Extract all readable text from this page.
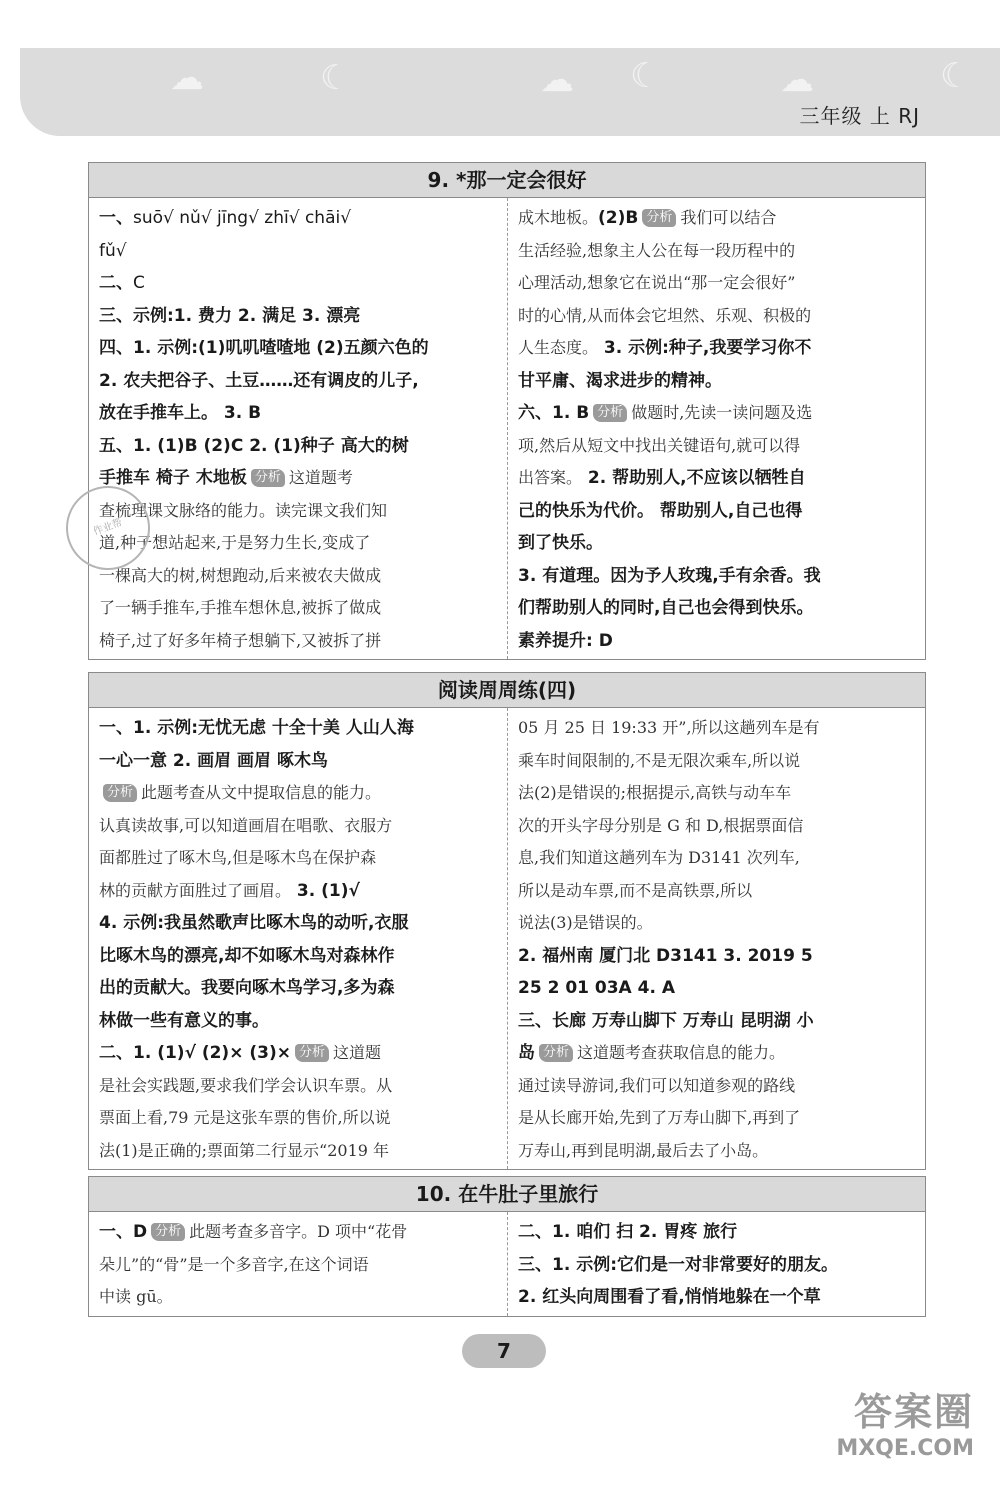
☁	☾	☁ ☾	☁	☾
三年级 上 RJ
9. *那一定会很好
一、suō√ nǔ√ jīng√ zhī√ chāi√
fǔ√
二、C
三、示例:1. 费力 2. 满足 3. 漂亮
四、1. 示例:(1)叽叽喳喳地 (2)五颜六色的
2. 农夫把谷子、土豆……还有调皮的儿子,
放在手推车上。 3. B
五、1. (1)B (2)C 2. (1)种子 高大的树
手推车 椅子 木地板 分析 这道题考
查梳理课文脉络的能力。读完课文我们知
道,种子想站起来,于是努力生长,变成了
一棵高大的树,树想跑动,后来被农夫做成
了一辆手推车,手推车想休息,被拆了做成
椅子,过了好多年椅子想躺下,又被拆了拼
成木地板。(2)B 分析 我们可以结合
生活经验,想象主人公在每一段历程中的
心理活动,想象它在说出“那一定会很好”
时的心情,从而体会它坦然、乐观、积极的
人生态度。 3. 示例:种子,我要学习你不
甘平庸、渴求进步的精神。
六、1. B 分析 做题时,先读一读问题及选
项,然后从短文中找出关键语句,就可以得
出答案。 2. 帮助别人,不应该以牺牲自
己的快乐为代价。 帮助别人,自己也得
到了快乐。
3. 有道理。因为予人玫瑰,手有余香。我
们帮助别人的同时,自己也会得到快乐。
素养提升: D
阅读周周练(四)
一、1. 示例:无忧无虑 十全十美 人山人海
一心一意 2. 画眉 画眉 啄木鸟
分析 此题考查从文中提取信息的能力。
认真读故事,可以知道画眉在唱歌、衣服方
面都胜过了啄木鸟,但是啄木鸟在保护森
林的贡献方面胜过了画眉。 3. (1)√
4. 示例:我虽然歌声比啄木鸟的动听,衣服
比啄木鸟的漂亮,却不如啄木鸟对森林作
出的贡献大。我要向啄木鸟学习,多为森
林做一些有意义的事。
二、1. (1)√ (2)× (3)× 分析 这道题
是社会实践题,要求我们学会认识车票。从
票面上看,79 元是这张车票的售价,所以说
法(1)是正确的;票面第二行显示“2019 年
05 月 25 日 19:33 开”,所以这趟列车是有
乘车时间限制的,不是无限次乘车,所以说
法(2)是错误的;根据提示,高铁与动车车
次的开头字母分别是 G 和 D,根据票面信
息,我们知道这趟列车为 D3141 次列车,
所以是动车票,而不是高铁票,所以
说法(3)是错误的。
2. 福州南 厦门北 D3141 3. 2019 5
25 2 01 03A 4. A
三、长廊 万寿山脚下 万寿山 昆明湖 小
岛 分析 这道题考查获取信息的能力。
通过读导游词,我们可以知道参观的路线
是从长廊开始,先到了万寿山脚下,再到了
万寿山,再到昆明湖,最后去了小岛。
10. 在牛肚子里旅行
一、D 分析 此题考查多音字。D 项中“花骨
朵儿”的“骨”是一个多音字,在这个词语
中读 gū。
二、1. 咱们 扫 2. 胃疼 旅行
三、1. 示例:它们是一对非常要好的朋友。
2. 红头向周围看了看,悄悄地躲在一个草
作业帮
7
答案圈
MXQE.COM
